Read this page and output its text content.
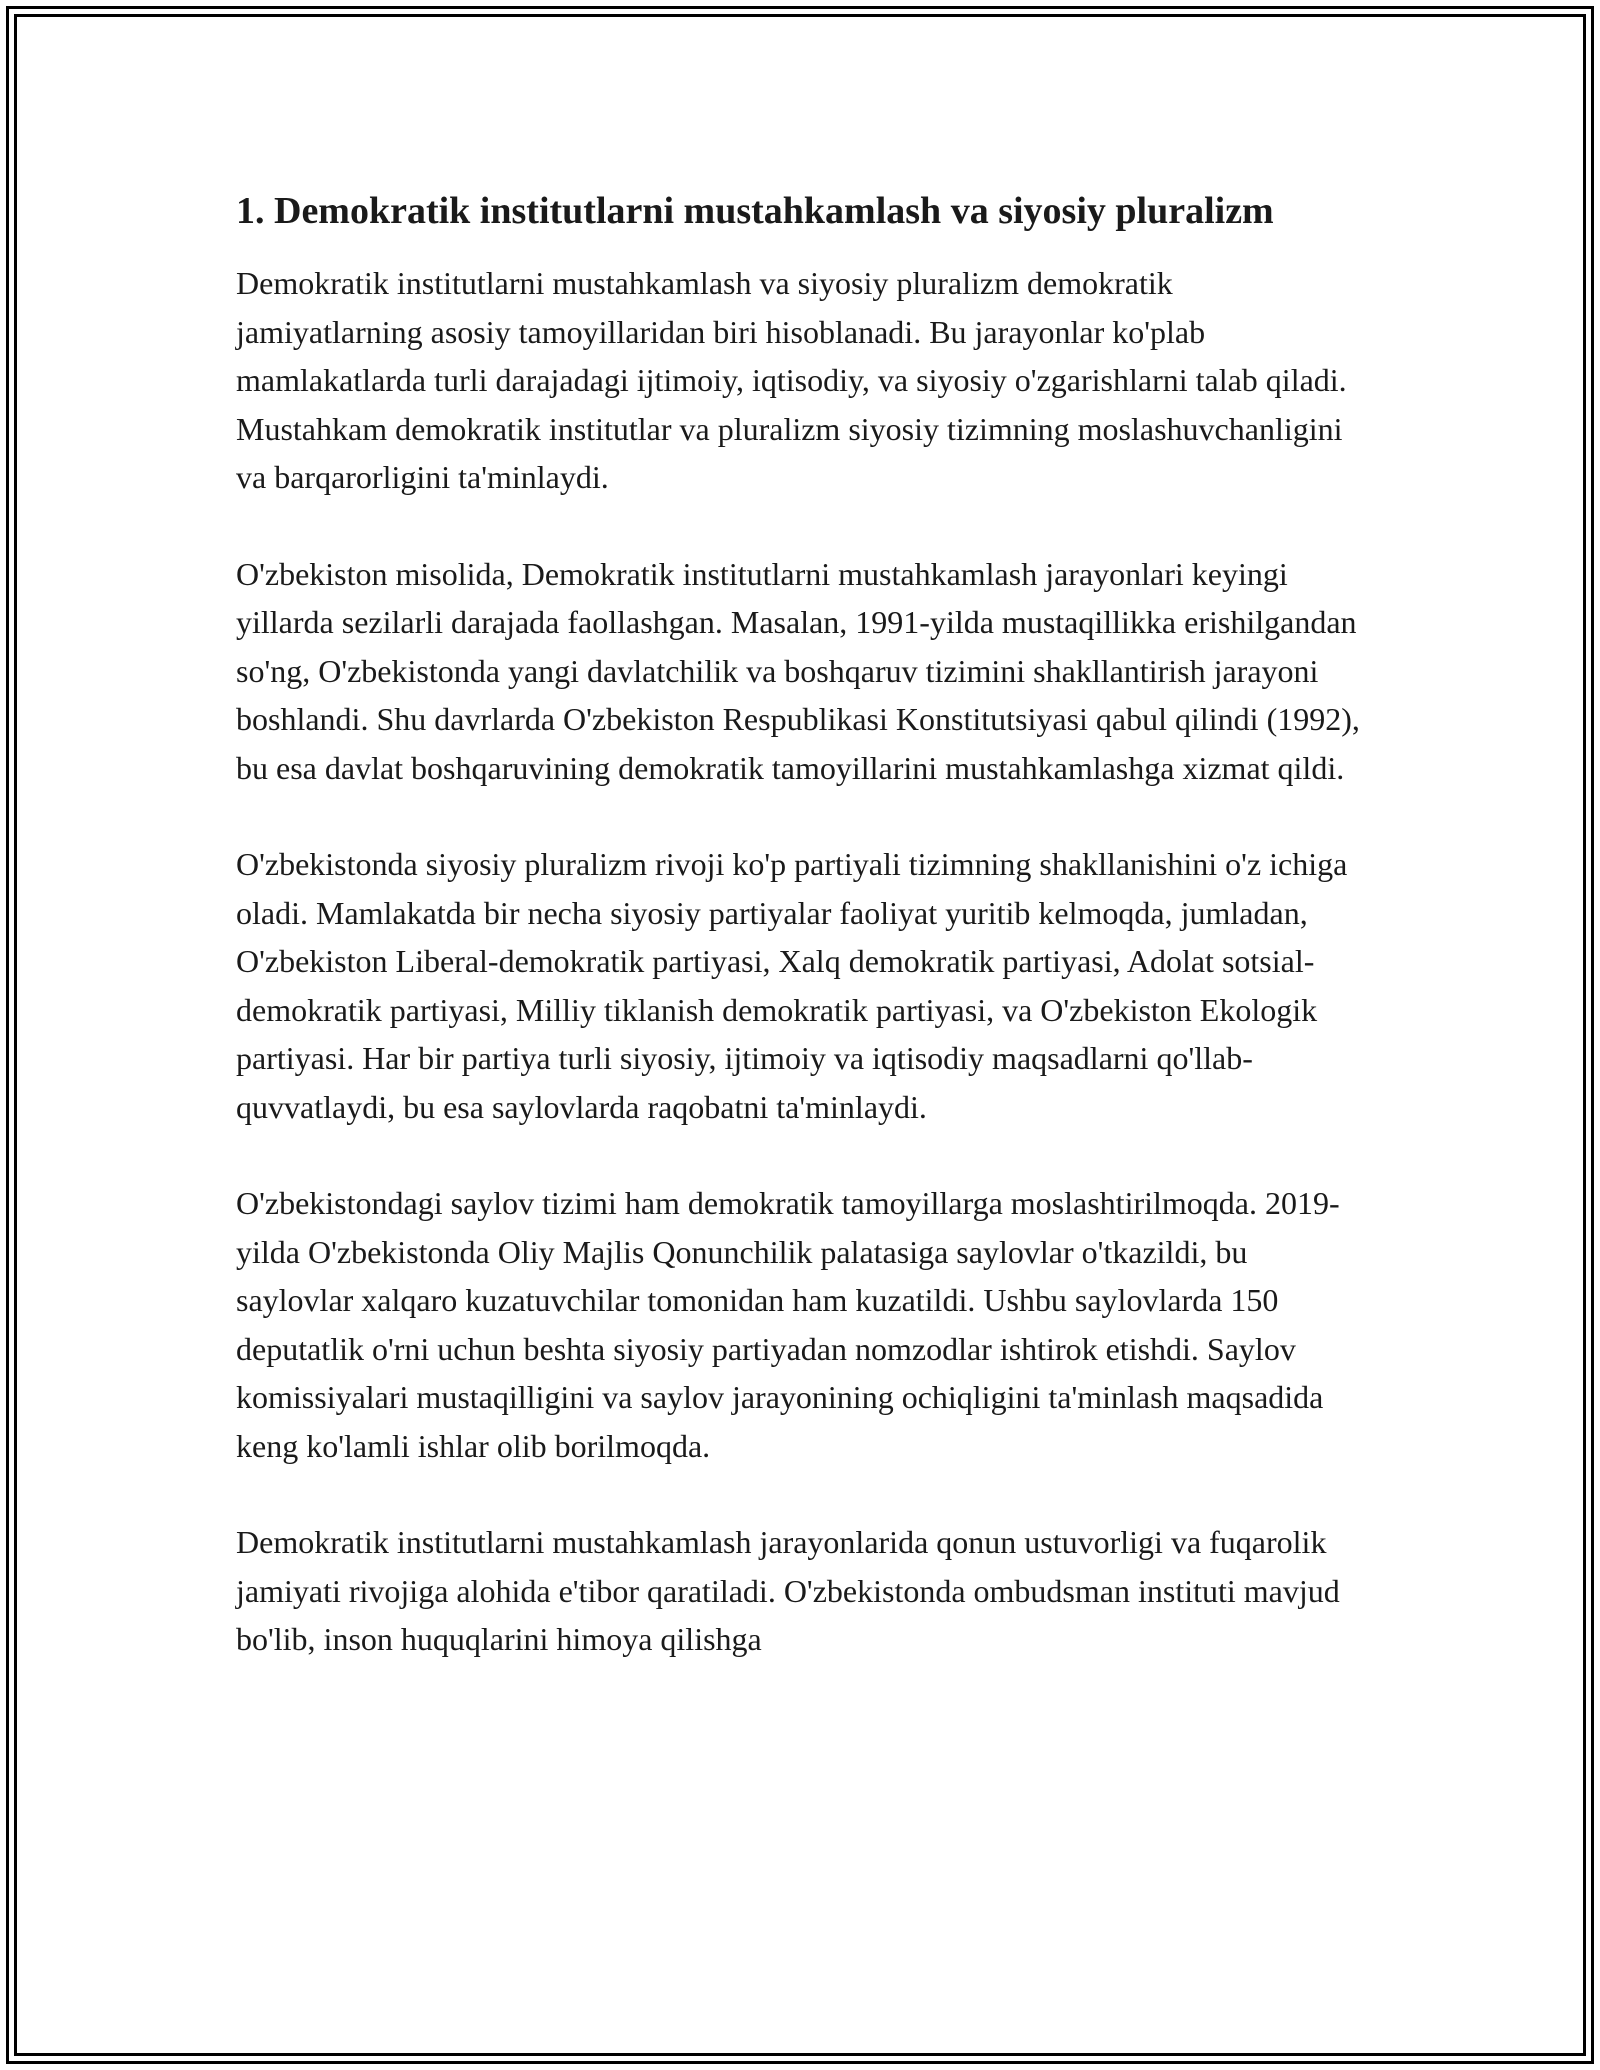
1. Demokratik institutlarni mustahkamlash va siyosiy pluralizm

Demokratik institutlarni mustahkamlash va siyosiy pluralizm demokratik jamiyatlarning asosiy tamoyillaridan biri hisoblanadi. Bu jarayonlar ko'plab mamlakatlarda turli darajadagi ijtimoiy, iqtisodiy, va siyosiy o'zgarishlarni talab qiladi. Mustahkam demokratik institutlar va pluralizm siyosiy tizimning moslashuvchanligini va barqarorligini ta'minlaydi.

O'zbekiston misolida, Demokratik institutlarni mustahkamlash jarayonlari keyingi yillarda sezilarli darajada faollashgan. Masalan, 1991-yilda mustaqillikka erishilgandan so'ng, O'zbekistonda yangi davlatchilik va boshqaruv tizimini shakllantirish jarayoni boshlandi. Shu davrlarda O'zbekiston Respublikasi Konstitutsiyasi qabul qilindi (1992), bu esa davlat boshqaruvining demokratik tamoyillarini mustahkamlashga xizmat qildi.

O'zbekistonda siyosiy pluralizm rivoji ko'p partiyali tizimning shakllanishini o'z ichiga oladi. Mamlakatda bir necha siyosiy partiyalar faoliyat yuritib kelmoqda, jumladan, O'zbekiston Liberal-demokratik partiyasi, Xalq demokratik partiyasi, Adolat sotsial-demokratik partiyasi, Milliy tiklanish demokratik partiyasi, va O'zbekiston Ekologik partiyasi. Har bir partiya turli siyosiy, ijtimoiy va iqtisodiy maqsadlarni qo'llab-quvvatlaydi, bu esa saylovlarda raqobatni ta'minlaydi.

O'zbekistondagi saylov tizimi ham demokratik tamoyillarga moslashtirilmoqda. 2019-yilda O'zbekistonda Oliy Majlis Qonunchilik palatasiga saylovlar o'tkazildi, bu saylovlar xalqaro kuzatuvchilar tomonidan ham kuzatildi. Ushbu saylovlarda 150 deputatlik o'rni uchun beshta siyosiy partiyadan nomzodlar ishtirok etishdi. Saylov komissiyalari mustaqilligini va saylov jarayonining ochiqligini ta'minlash maqsadida keng ko'lamli ishlar olib borilmoqda.

Demokratik institutlarni mustahkamlash jarayonlarida qonun ustuvorligi va fuqarolik jamiyati rivojiga alohida e'tibor qaratiladi. O'zbekistonda ombudsman instituti mavjud bo'lib, inson huquqlarini himoya qilishga
